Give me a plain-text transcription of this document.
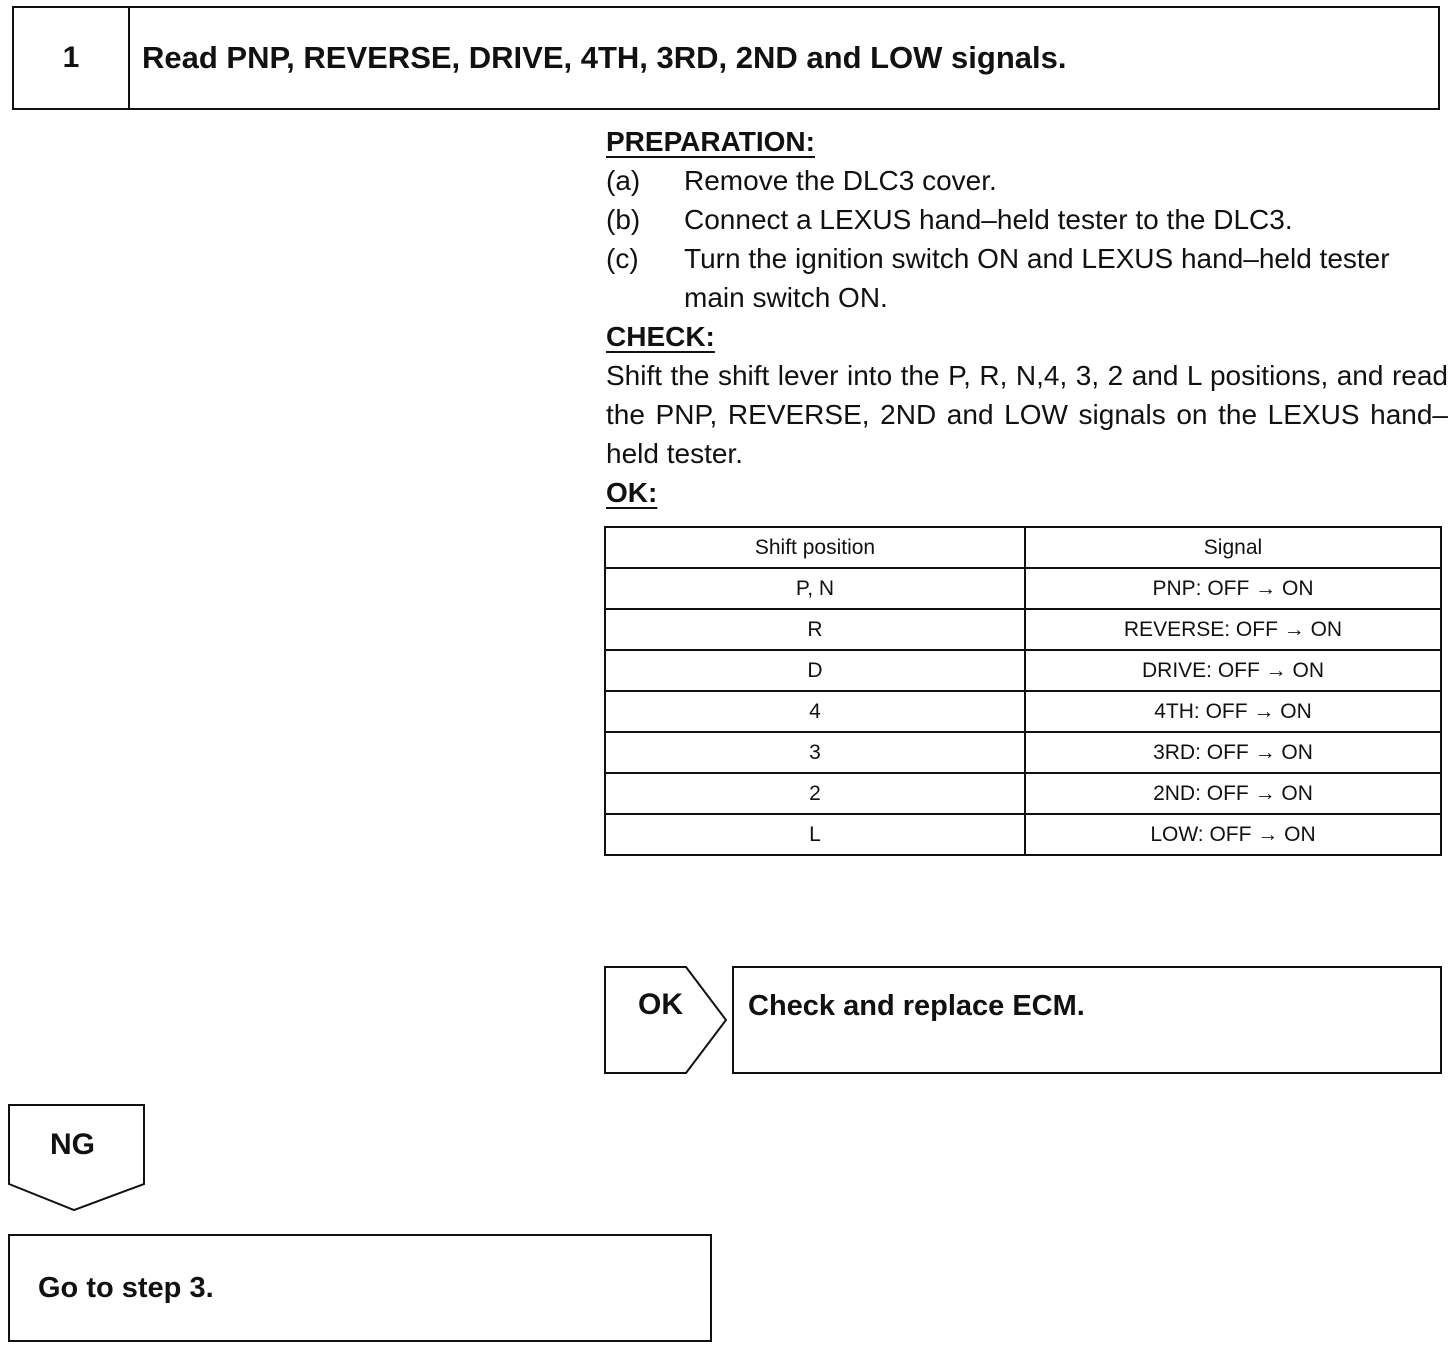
1	Read PNP, REVERSE, DRIVE, 4TH, 3RD, 2ND and LOW signals.
PREPARATION:
(a)	Remove the DLC3 cover.
(b)	Connect a LEXUS hand–held tester to the DLC3.
(c)	Turn the ignition switch ON and LEXUS hand–held tester main switch ON.
CHECK:
Shift the shift lever into the P, R, N,4, 3, 2 and L positions, and read the PNP, REVERSE, 2ND and LOW signals on the LEXUS hand–held tester.
OK:
Shift position	Signal
P, N	PNP: OFF → ON
R	REVERSE: OFF → ON
D	DRIVE: OFF → ON
4	4TH: OFF → ON
3	3RD: OFF → ON
2	2ND: OFF → ON
L	LOW: OFF → ON
OK Check and replace ECM.
NG
Go to step 3.
